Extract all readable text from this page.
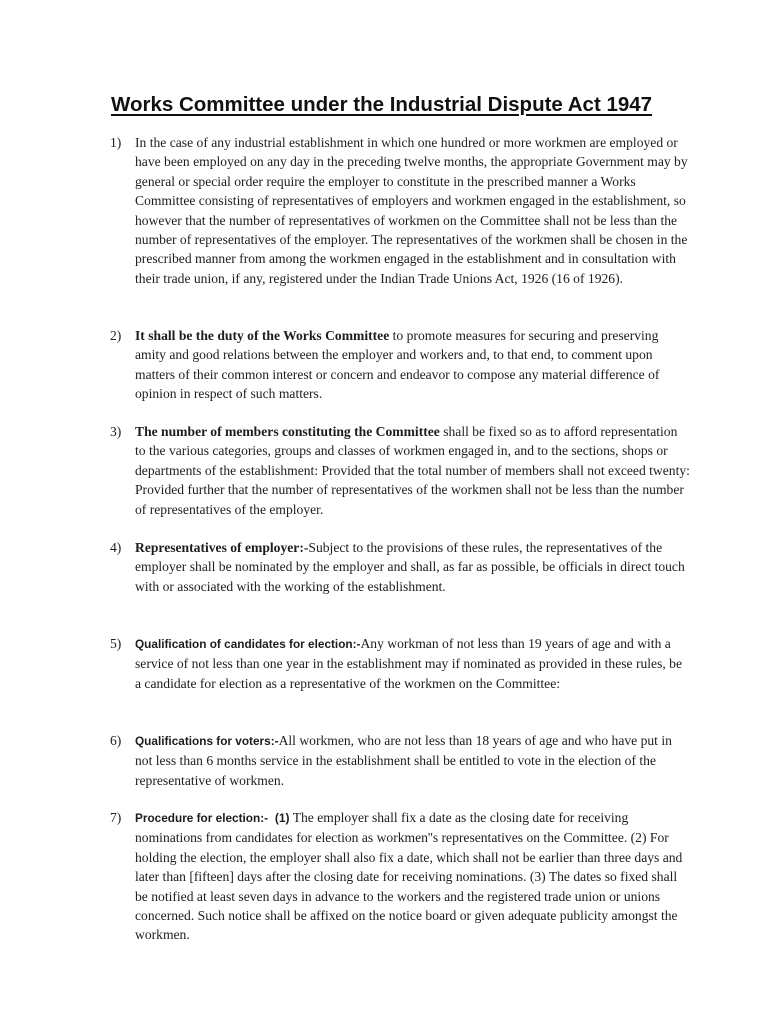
Works Committee under the Industrial Dispute Act 1947
1) In the case of any industrial establishment in which one hundred or more workmen are employed or have been employed on any day in the preceding twelve months, the appropriate Government may by general or special order require the employer to constitute in the prescribed manner a Works Committee consisting of representatives of employers and workmen engaged in the establishment, so however that the number of representatives of workmen on the Committee shall not be less than the number of representatives of the employer. The representatives of the workmen shall be chosen in the prescribed manner from among the workmen engaged in the establishment and in consultation with their trade union, if any, registered under the Indian Trade Unions Act, 1926 (16 of 1926).
2) It shall be the duty of the Works Committee to promote measures for securing and preserving amity and good relations between the employer and workers and, to that end, to comment upon matters of their common interest or concern and endeavor to compose any material difference of opinion in respect of such matters.
3) The number of members constituting the Committee shall be fixed so as to afford representation to the various categories, groups and classes of workmen engaged in, and to the sections, shops or departments of the establishment: Provided that the total number of members shall not exceed twenty: Provided further that the number of representatives of the workmen shall not be less than the number of representatives of the employer.
4) Representatives of employer:-Subject to the provisions of these rules, the representatives of the employer shall be nominated by the employer and shall, as far as possible, be officials in direct touch with or associated with the working of the establishment.
5) Qualification of candidates for election:-Any workman of not less than 19 years of age and with a service of not less than one year in the establishment may if nominated as provided in these rules, be a candidate for election as a representative of the workmen on the Committee:
6) Qualifications for voters:-All workmen, who are not less than 18 years of age and who have put in not less than 6 months service in the establishment shall be entitled to vote in the election of the representative of workmen.
7) Procedure for election:- (1) The employer shall fix a date as the closing date for receiving nominations from candidates for election as workmen''s representatives on the Committee. (2) For holding the election, the employer shall also fix a date, which shall not be earlier than three days and later than [fifteen] days after the closing date for receiving nominations. (3) The dates so fixed shall be notified at least seven days in advance to the workers and the registered trade union or unions concerned. Such notice shall be affixed on the notice board or given adequate publicity amongst the workmen.
